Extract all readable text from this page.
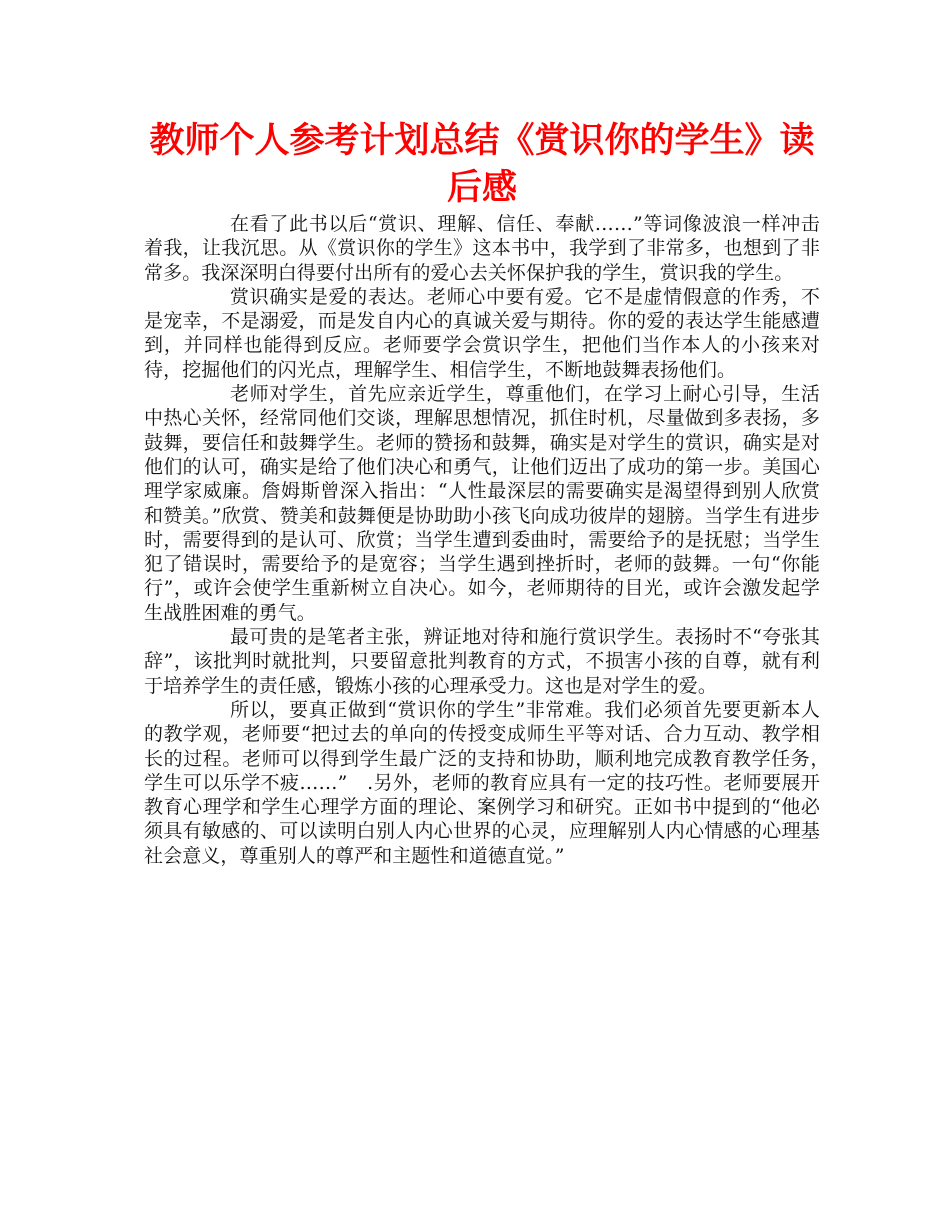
教师个人参考计划总结《赏识你的学生》读后感

在看了此书以后“赏识、理解、信任、奉献……”等词像波浪一样冲击着我，让我沉思。从《赏识你的学生》这本书中，我学到了非常多，也想到了非常多。我深深明白得要付出所有的爱心去关怀保护我的学生，赏识我的学生。

赏识确实是爱的表达。老师心中要有爱。它不是虚情假意的作秀，不是宠幸，不是溺爱，而是发自内心的真诚关爱与期待。你的爱的表达学生能感遭到，并同样也能得到反应。老师要学会赏识学生，把他们当作本人的小孩来对待，挖掘他们的闪光点，理解学生、相信学生，不断地鼓舞表扬他们。

老师对学生，首先应亲近学生，尊重他们，在学习上耐心引导，生活中热心关怀，经常同他们交谈，理解思想情况，抓住时机，尽量做到多表扬，多鼓舞，要信任和鼓舞学生。老师的赞扬和鼓舞，确实是对学生的赏识，确实是对他们的认可，确实是给了他们决心和勇气，让他们迈出了成功的第一步。美国心理学家威廉。詹姆斯曾深入指出：“人性最深层的需要确实是渴望得到别人欣赏和赞美。”欣赏、赞美和鼓舞便是协助助小孩飞向成功彼岸的翅膀。当学生有进步时，需要得到的是认可、欣赏；当学生遭到委曲时，需要给予的是抚慰；当学生犯了错误时，需要给予的是宽容；当学生遇到挫折时，老师的鼓舞。一句“你能行”，或许会使学生重新树立自决心。如今，老师期待的目光，或许会激发起学生战胜困难的勇气。

最可贵的是笔者主张，辨证地对待和施行赏识学生。表扬时不“夸张其辞”，该批判时就批判，只要留意批判教育的方式，不损害小孩的自尊，就有利于培养学生的责任感，锻炼小孩的心理承受力。这也是对学生的爱。

所以，要真正做到“赏识你的学生”非常难。我们必须首先要更新本人的教学观，老师要“把过去的单向的传授变成师生平等对话、合力互动、教学相长的过程。老师可以得到学生最广泛的支持和协助，顺利地完成教育教学任务，　学生可以乐学不疲……”　.另外，老师的教育应具有一定的技巧性。老师要展开教育心理学和学生心理学方面的理论、案例学习和研究。正如书中提到的“他必须具有敏感的、可以读明白别人内心世界的心灵，应理解别人内心情感的心理基社会意义，尊重别人的尊严和主题性和道德直觉。”
